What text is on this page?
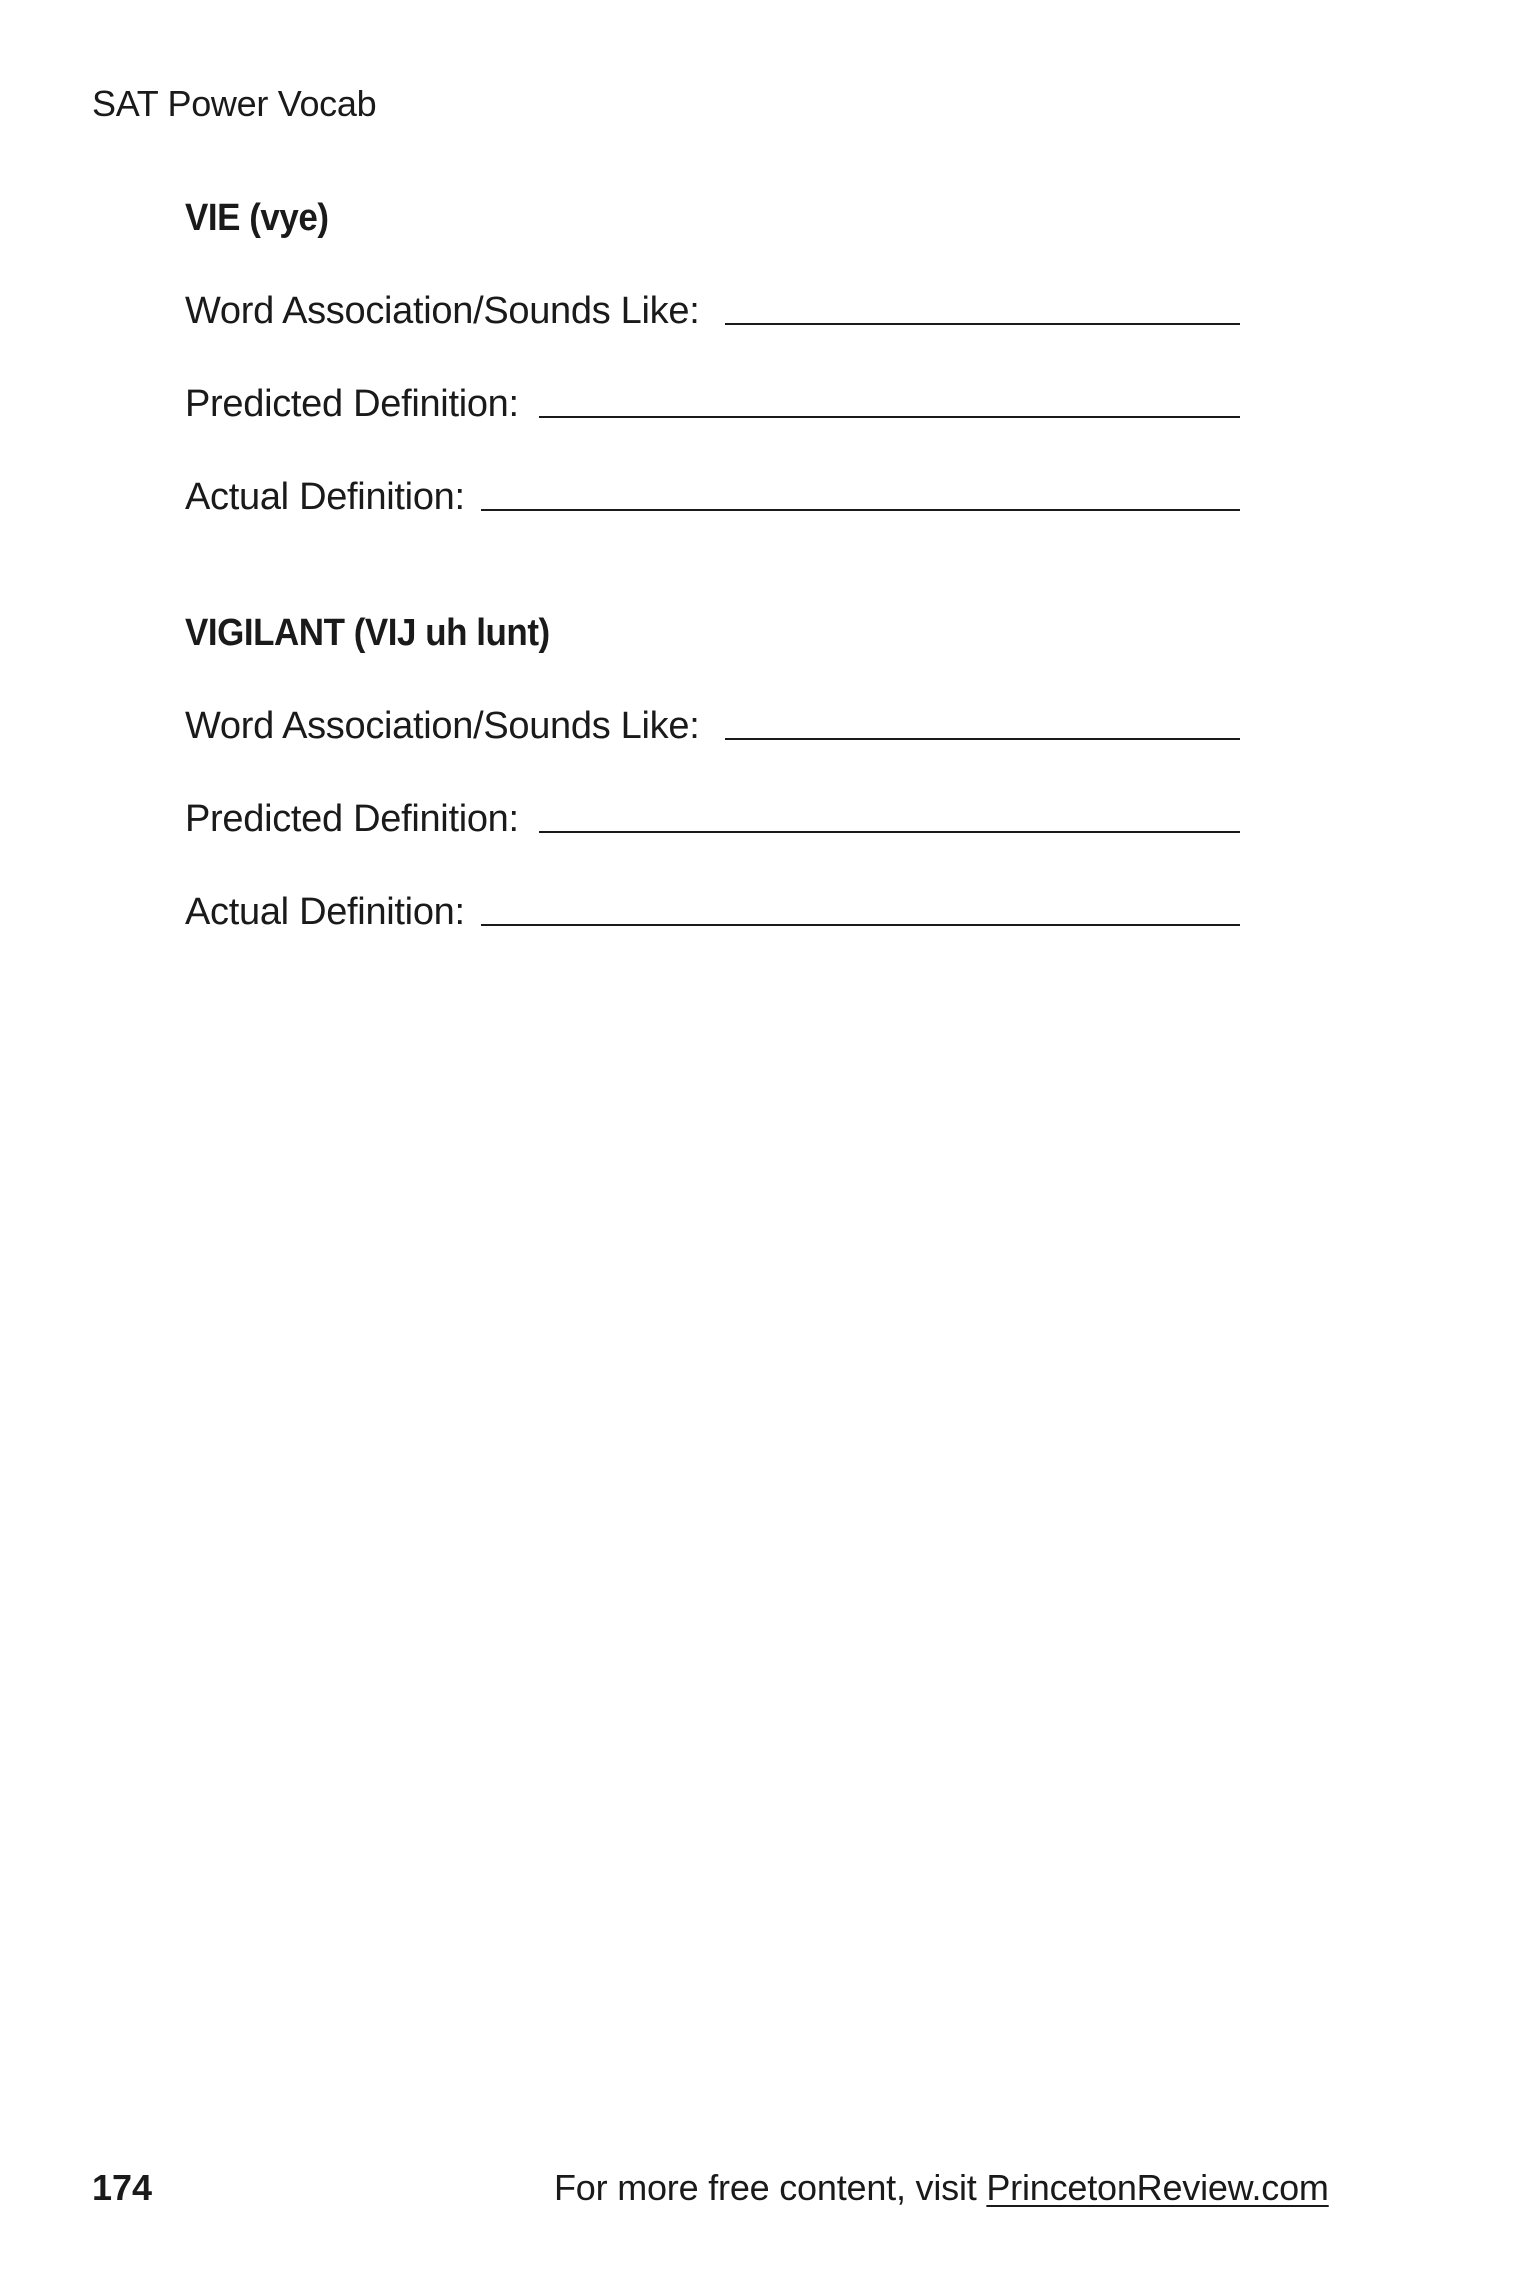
SAT Power Vocab
VIE (vye)
Word Association/Sounds Like:
Predicted Definition:
Actual Definition:
VIGILANT (VIJ uh lunt)
Word Association/Sounds Like:
Predicted Definition:
Actual Definition:
174	For more free content, visit PrincetonReview.com
